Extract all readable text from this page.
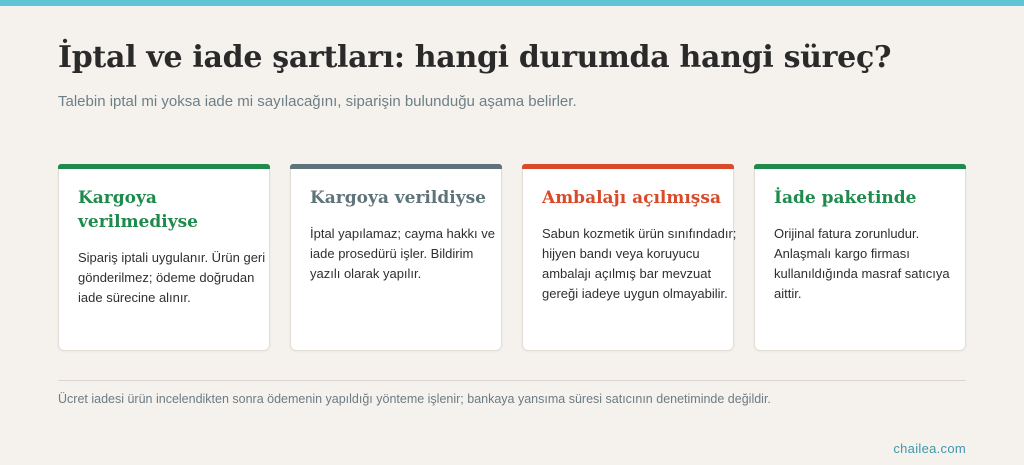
İptal ve iade şartları: hangi durumda hangi süreç?

Talebin iptal mi yoksa iade mi sayılacağını, siparişin bulunduğu aşama belirler.

Kargoya verilmediyse

Sipariş iptali uygulanır. Ürün geri gönderilmez; ödeme doğrudan iade sürecine alınır.

Kargoya verildiyse

İptal yapılamaz; cayma hakkı ve iade prosedürü işler. Bildirim yazılı olarak yapılır.

Ambalajı açılmışsa

Sabun kozmetik ürün sınıfındadır; hijyen bandı veya koruyucu ambalajı açılmış bar mevzuat gereği iadeye uygun olmayabilir.

İade paketinde

Orijinal fatura zorunludur. Anlaşmalı kargo firması kullanıldığında masraf satıcıya aittir.

Ücret iadesi ürün incelendikten sonra ödemenin yapıldığı yönteme işlenir; bankaya yansıma süresi satıcının denetiminde değildir.

chailea.com
